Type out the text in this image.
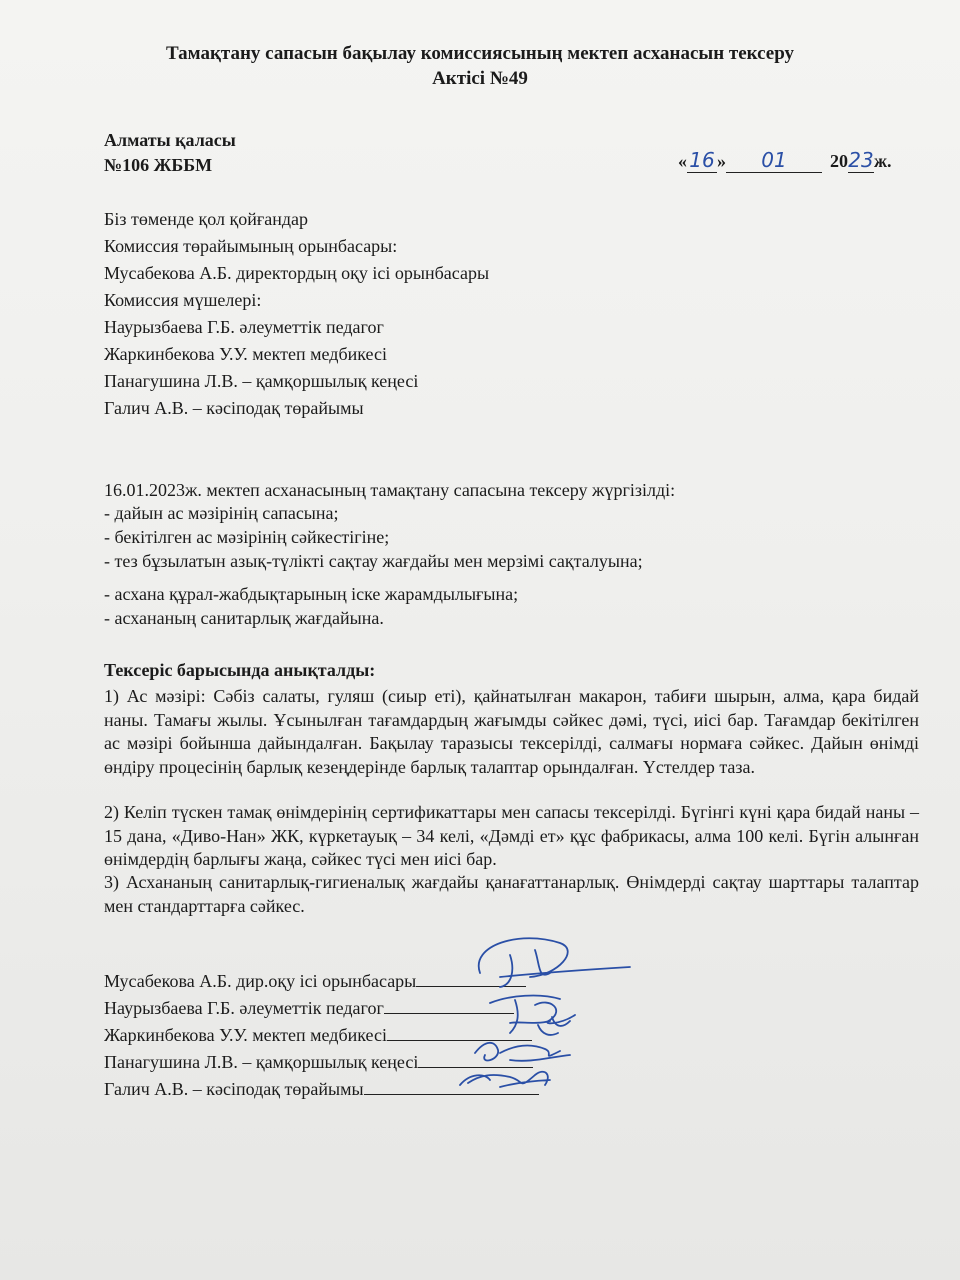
Тамақтану сапасын бақылау комиссиясының мектеп асханасын тексеру
Актісі №49
Алматы қаласы
№106 ЖББМ	« 16 » 01 2023ж.
Біз төменде қол қойғандар
Комиссия төрайымының орынбасары:
Мусабекова А.Б. директордың оқу ісі орынбасары
Комиссия мүшелері:
Наурызбаева Г.Б. әлеуметтік педагог
Жаркинбекова У.У. мектеп медбикесі
Панагушина Л.В. – қамқоршылық кеңесі
Галич А.В. – кәсіподақ төрайымы
16.01.2023ж. мектеп асханасының тамақтану сапасына тексеру жүргізілді:
- дайын ас мәзірінің сапасына;
- бекітілген ас мәзірінің сәйкестігіне;
- тез бұзылатын азық-түлікті сақтау жағдайы мен мерзімі сақталуына;
- асхана құрал-жабдықтарының іске жарамдылығына;
- асхананың санитарлық жағдайына.
Тексеріс барысында анықталды:
1) Ас мәзірі: Сәбіз салаты, гуляш (сиыр еті), қайнатылған макарон, табиғи шырын, алма, қара бидай наны. Тамағы жылы. Ұсынылған тағамдардың жағымды сәйкес дәмі, түсі, иісі бар. Тағамдар бекітілген ас мәзірі бойынша дайындалған. Бақылау таразысы тексерілді, салмағы нормаға сәйкес. Дайын өнімді өндіру процесінің барлық кезеңдерінде барлық талаптар орындалған. Үстелдер таза.
2) Келіп түскен тамақ өнімдерінің сертификаттары мен сапасы тексерілді. Бүгінгі күні қара бидай наны – 15 дана, «Диво-Нан» ЖК, күркетауық – 34 келі, «Дәмді ет» құс фабрикасы, алма 100 келі. Бүгін алынған өнімдердің барлығы жаңа, сәйкес түсі мен иісі бар.
3) Асхананың санитарлық-гигиеналық жағдайы қанағаттанарлық. Өнімдерді сақтау шарттары талаптар мен стандарттарға сәйкес.
Мусабекова А.Б. дир.оқу ісі орынбасары
Наурызбаева Г.Б. әлеуметтік педагог
Жаркинбекова У.У. мектеп медбикесі
Панагушина Л.В. – қамқоршылық кеңесі
Галич А.В. – кәсіподақ төрайымы
